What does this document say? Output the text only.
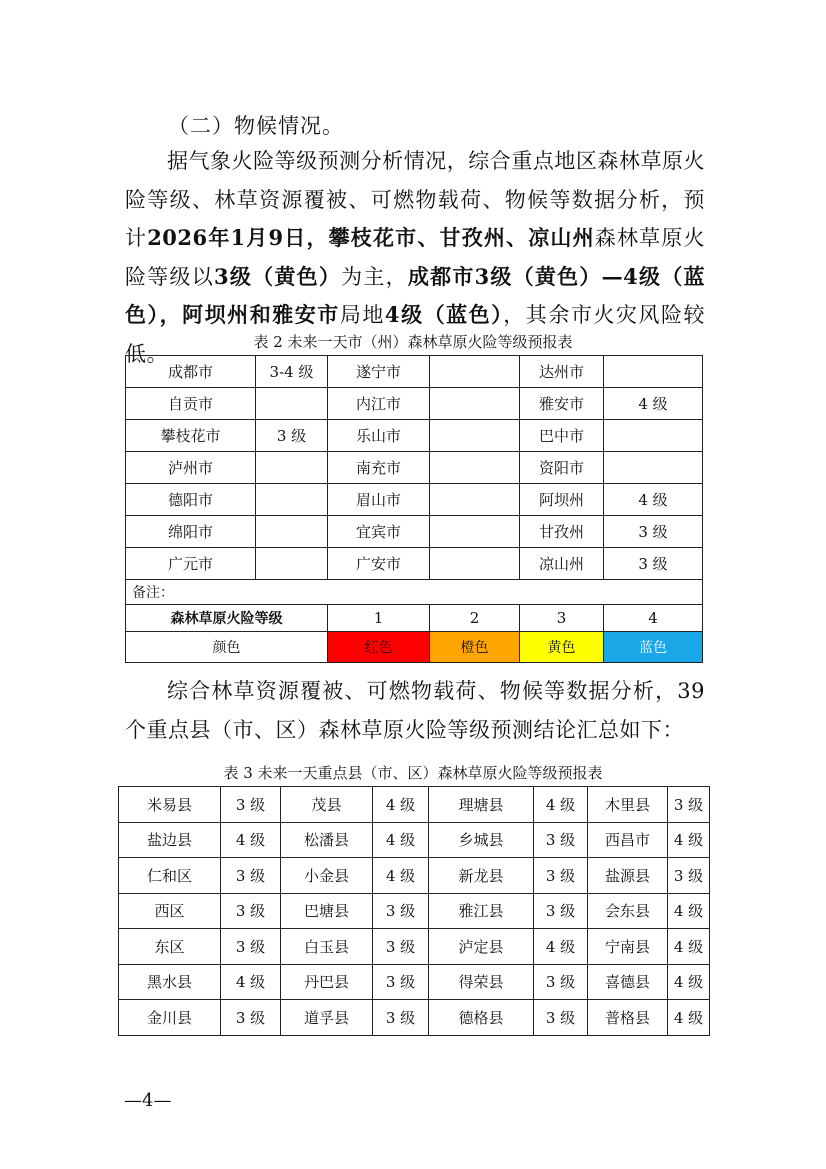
（二）物候情况。
据气象火险等级预测分析情况，综合重点地区森林草原火险等级、林草资源覆被、可燃物载荷、物候等数据分析，预计2026年1月9日，攀枝花市、甘孜州、凉山州森林草原火险等级以3级（黄色）为主，成都市3级（黄色）—4级（蓝色），阿坝州和雅安市局地4级（蓝色），其余市火灾风险较低。	表 2 未来一天市（州）森林草原火险等级预报表
成都市	3-4 级	遂宁市		达州市	
自贡市		内江市		雅安市	4 级
攀枝花市	3 级	乐山市		巴中市	
泸州市		南充市		资阳市	
德阳市		眉山市		阿坝州	4 级
绵阳市		宜宾市		甘孜州	3 级
广元市		广安市		凉山州	3 级
备注：					
森林草原火险等级		1	2	3	4
颜色		红色	橙色	黄色	蓝色
综合林草资源覆被、可燃物载荷、物候等数据分析，39个重点县（市、区）森林草原火险等级预测结论汇总如下：
表 3 未来一天重点县（市、区）森林草原火险等级预报表
米易县	3 级	茂县	4 级	理塘县	4 级	木里县	3 级
盐边县	4 级	松潘县	4 级	乡城县	3 级	西昌市	4 级
仁和区	3 级	小金县	4 级	新龙县	3 级	盐源县	3 级
西区	3 级	巴塘县	3 级	雅江县	3 级	会东县	4 级
东区	3 级	白玉县	3 级	泸定县	4 级	宁南县	4 级
黑水县	4 级	丹巴县	3 级	得荣县	3 级	喜德县	4 级
金川县	3 级	道孚县	3 级	德格县	3 级	普格县	4 级
—4—
